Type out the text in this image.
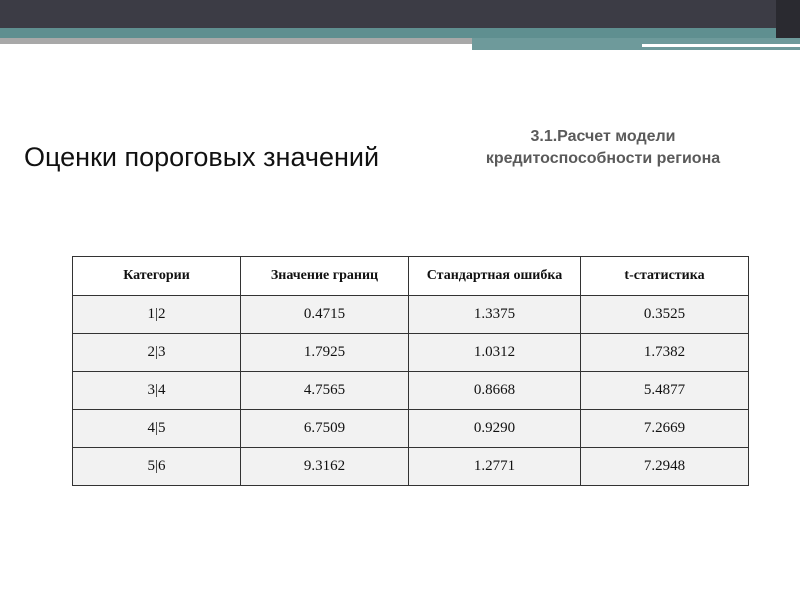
Оценки пороговых значений
3.1.Расчет модели
кредитоспособности региона
Категории	Значение границ	Стандартная ошибка	t-статистика
1|2	0.4715	1.3375	0.3525
2|3	1.7925	1.0312	1.7382
3|4	4.7565	0.8668	5.4877
4|5	6.7509	0.9290	7.2669
5|6	9.3162	1.2771	7.2948
